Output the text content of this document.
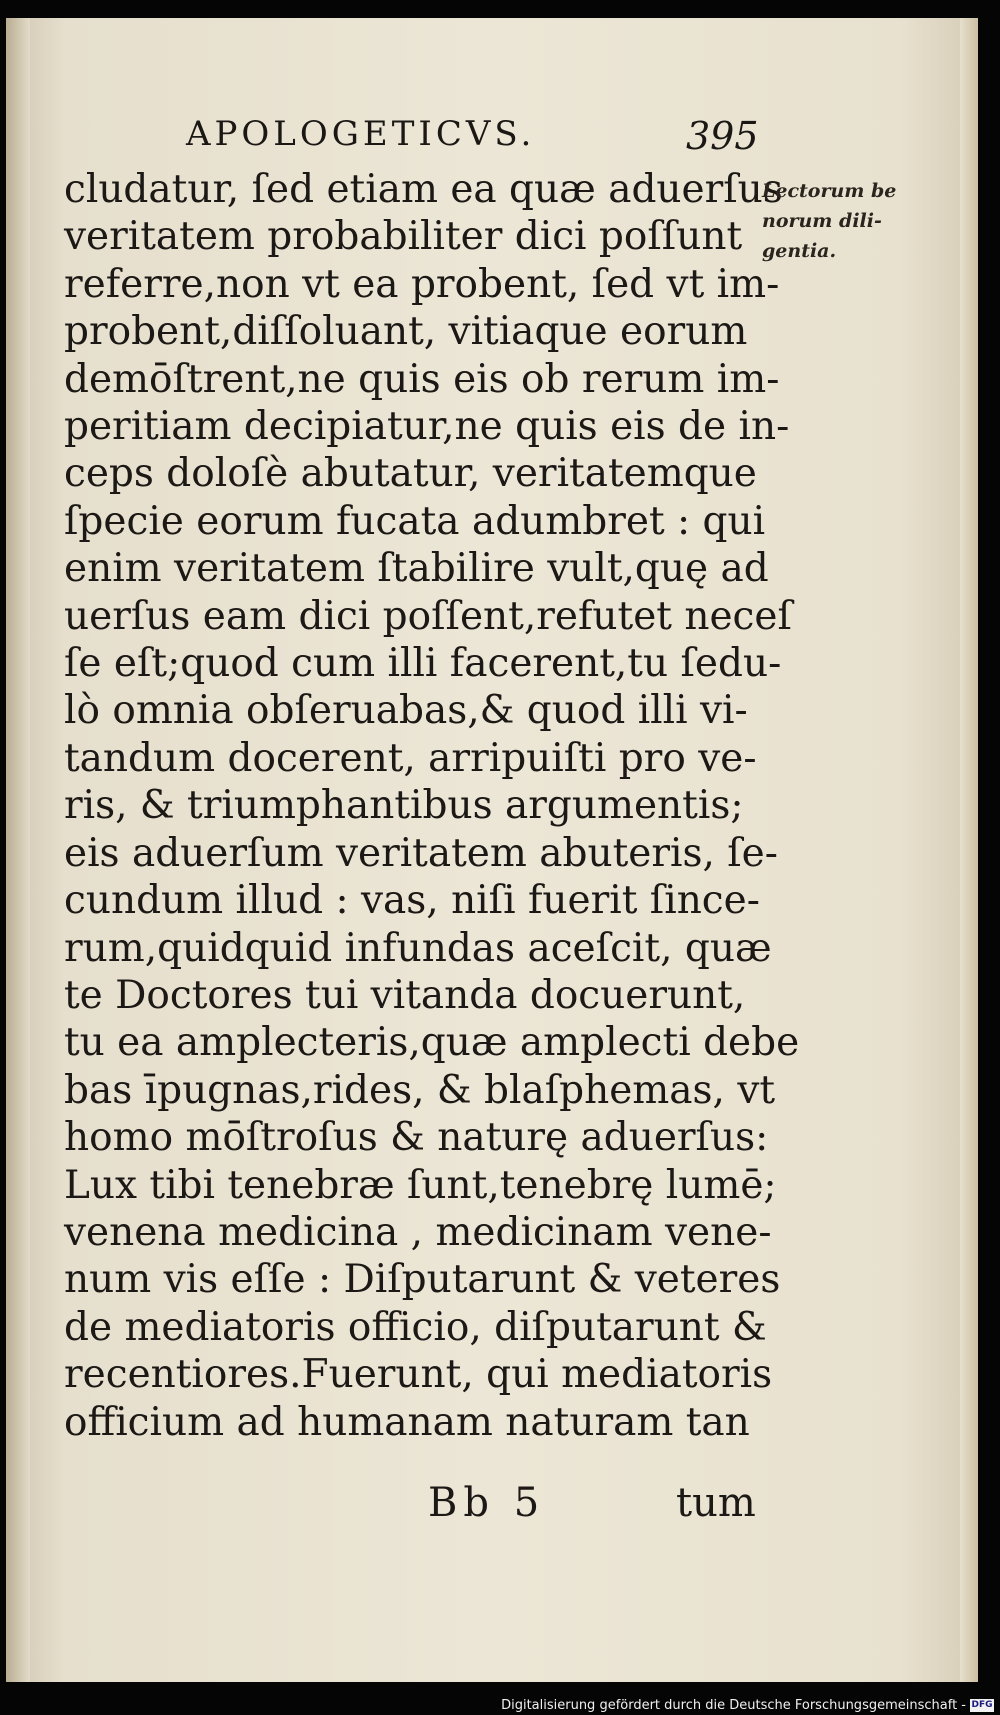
APOLOGETICVS.	395
cludatur, ſed etiam ea quæ aduerſus
veritatem probabiliter dici poſſunt
referre,non vt ea probent, ſed vt im-
probent,diſſoluant, vitiaque eorum
demōſtrent,ne quis eis ob rerum im-
peritiam decipiatur,ne quis eis de in-
ceps doloſè abutatur, veritatemque
ſpecie eorum fucata adumbret : qui
enim veritatem ſtabilire vult,quę ad
uerſus eam dici poſſent,refutet neceſ
ſe eſt;quod cum illi facerent,tu ſedu-
lò omnia obſeruabas,& quod illi vi-
tandum docerent, arripuiſti pro ve-
ris, & triumphantibus argumentis;
eis aduerſum veritatem abuteris, ſe-
cundum illud : vas, niſi fuerit ſince-
rum,quidquid infundas aceſcit, quæ
te Doctores tui vitanda docuerunt,
tu ea amplecteris,quæ amplecti debe
bas īpugnas,rides, & blaſphemas, vt
homo mōſtroſus & naturę aduerſus:
Lux tibi tenebræ ſunt,tenebrę lumē;
venena medicina , medicinam vene-
num vis eſſe : Diſputarunt & veteres
de mediatoris officio, diſputarunt &
recentiores.Fuerunt, qui mediatoris
officium ad humanam naturam tan
Lectorum be
norum dili-
gentia.
Bb 5	tum
Digitalisierung gefördert durch die Deutsche Forschungsgemeinschaft - DFG
